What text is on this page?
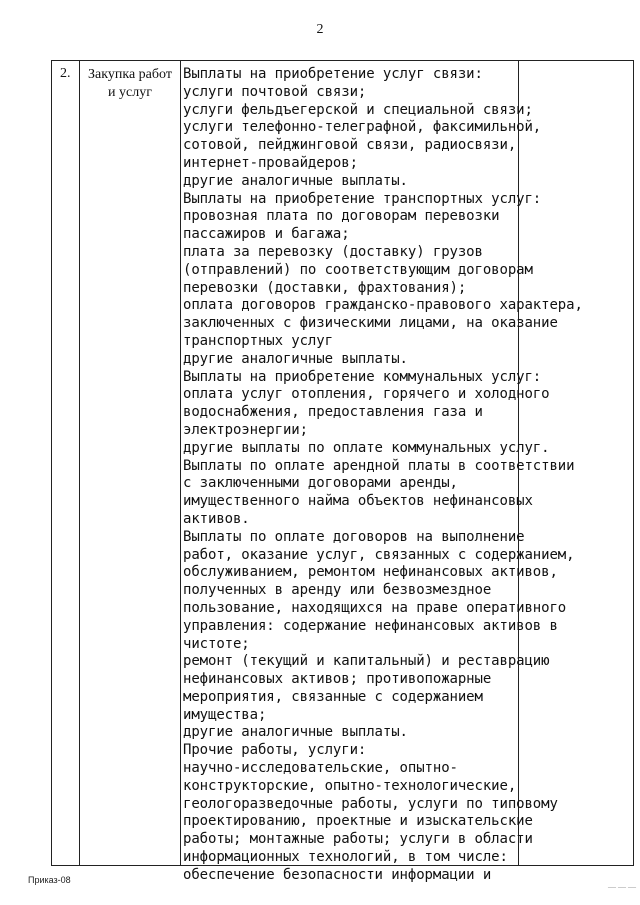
2
2.	Закупка работ
и услуг
Выплаты на приобретение услуг связи:
услуги почтовой связи;
услуги фельдъегерской и специальной связи;
услуги телефонно-телеграфной, факсимильной,
сотовой, пейджинговой связи, радиосвязи,
интернет-провайдеров;
другие аналогичные выплаты.
Выплаты на приобретение транспортных услуг:
провозная плата по договорам перевозки
пассажиров и багажа;
плата за перевозку (доставку) грузов
(отправлений) по соответствующим договорам
перевозки (доставки, фрахтования);
оплата договоров гражданско-правового характера,
заключенных с физическими лицами, на оказание
транспортных услуг
другие аналогичные выплаты.
Выплаты на приобретение коммунальных услуг:
оплата услуг отопления, горячего и холодного
водоснабжения, предоставления газа и
электроэнергии;
другие выплаты по оплате коммунальных услуг.
Выплаты по оплате арендной платы в соответствии
с заключенными договорами аренды,
имущественного найма объектов нефинансовых
активов.
Выплаты по оплате договоров на выполнение
работ, оказание услуг, связанных с содержанием,
обслуживанием, ремонтом нефинансовых активов,
полученных в аренду или безвозмездное
пользование, находящихся на праве оперативного
управления: содержание нефинансовых активов в
чистоте;
ремонт (текущий и капитальный) и реставрацию
нефинансовых активов; противопожарные
мероприятия, связанные с содержанием
имущества;
другие аналогичные выплаты.
Прочие работы, услуги:
научно-исследовательские, опытно-
конструкторские, опытно-технологические,
геологоразведочные работы, услуги по типовому
проектированию, проектные и изыскательские
работы; монтажные работы; услуги в области
информационных технологий, в том числе:
обеспечение безопасности информации и
Приказ-08
— — —
